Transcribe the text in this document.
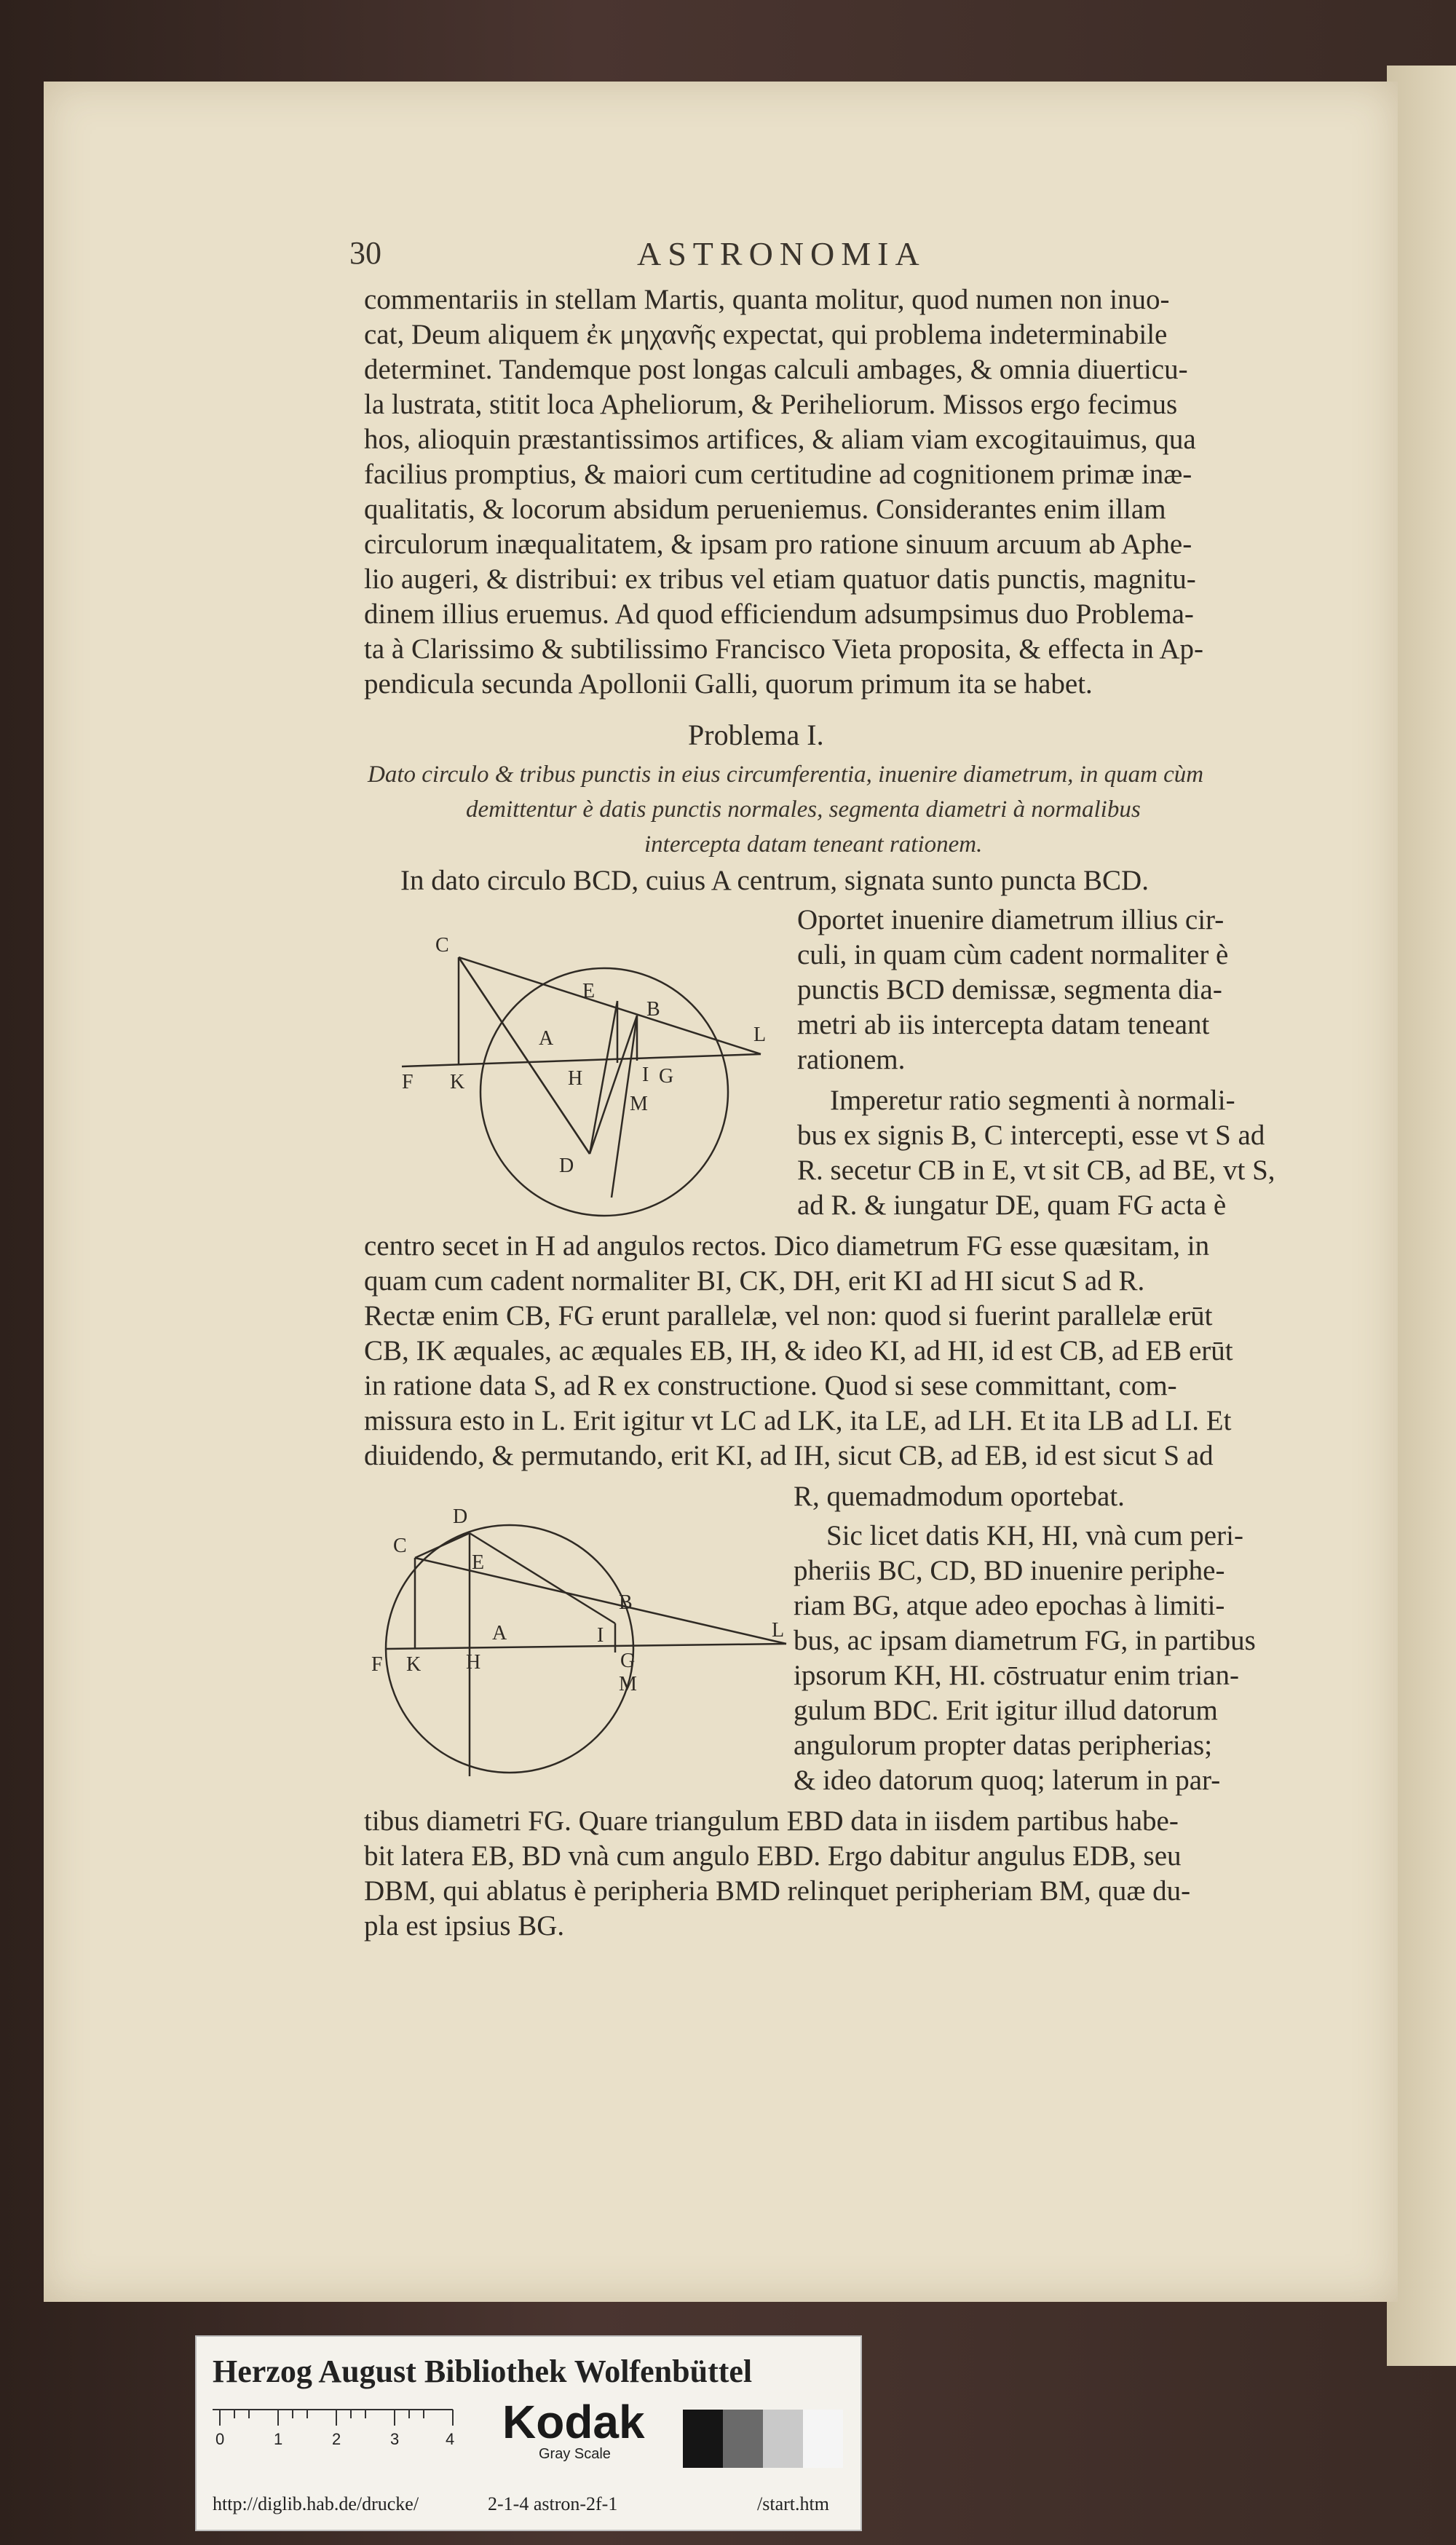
30	ASTRONOMIA
commentariis in stellam Martis, quanta molitur, quod numen non inuo-
cat, Deum aliquem ἐκ μηχανῆς expectat, qui problema indeterminabile
determinet. Tandemque post longas calculi ambages, & omnia diuerticu-
la lustrata, stitit loca Apheliorum, & Periheliorum. Missos ergo fecimus
hos, alioquin præstantissimos artifices, & aliam viam excogitauimus, qua
facilius promptius, & maiori cum certitudine ad cognitionem primæ inæ-
qualitatis, & locorum absidum perueniemus. Considerantes enim illam
circulorum inæqualitatem, & ipsam pro ratione sinuum arcuum ab Aphe-
lio augeri, & distribui: ex tribus vel etiam quatuor datis punctis, magnitu-
dinem illius eruemus. Ad quod efficiendum adsumpsimus duo Problema-
ta à Clarissimo & subtilissimo Francisco Vieta proposita, & effecta in Ap-
pendicula secunda Apollonii Galli, quorum primum ita se habet.
Problema I.
Dato circulo & tribus punctis in eius circumferentia, inuenire diametrum, in quam cùm
demittentur è datis punctis normales, segmenta diametri à normalibus
intercepta datam teneant rationem.
In dato circulo BCD, cuius A centrum, signata sunto puncta BCD.
Oportet inuenire diametrum illius cir-
culi, in quam cùm cadent normaliter è
punctis BCD demissæ, segmenta dia-
metri ab iis intercepta datam teneant
rationem.
Imperetur ratio segmenti à normali-
bus ex signis B, C intercepti, esse vt S ad
R. secetur CB in E, vt sit CB, ad BE, vt S,
ad R. & iungatur DE, quam FG acta è
centro secet in H ad angulos rectos. Dico diametrum FG esse quæsitam, in
quam cum cadent normaliter BI, CK, DH, erit KI ad HI sicut S ad R.
Rectæ enim CB, FG erunt parallelæ, vel non: quod si fuerint parallelæ erūt
CB, IK æquales, ac æquales EB, IH, & ideo KI, ad HI, id est CB, ad EB erūt
in ratione data S, ad R ex constructione. Quod si sese committant, com-
missura esto in L. Erit igitur vt LC ad LK, ita LE, ad LH. Et ita LB ad LI. Et
diuidendo, & permutando, erit KI, ad IH, sicut CB, ad EB, id est sicut S ad
R, quemadmodum oportebat.
Sic licet datis KH, HI, vnà cum peri-
pheriis BC, CD, BD inuenire periphe-
riam BG, atque adeo epochas à limiti-
bus, ac ipsam diametrum FG, in partibus
ipsorum KH, HI. cōstruatur enim trian-
gulum BDC. Erit igitur illud datorum
angulorum propter datas peripherias;
& ideo datorum quoq; laterum in par-
tibus diametri FG. Quare triangulum EBD data in iisdem partibus habe-
bit latera EB, BD vnà cum angulo EBD. Ergo dabitur angulus EDB, seu
DBM, qui ablatus è peripheria BMD relinquet peripheriam BM, quæ du-
pla est ipsius BG.
C
E
B
L
A
F K	H	I G
M
D
D
C
E
B
L
A	I
F K H	G
M
Herzog August Bibliothek Wolfenbüttel
0	1	2	3	4 Kodak
Gray Scale
http://diglib.hab.de/drucke/	2-1-4 astron-2f-1	/start.htm
